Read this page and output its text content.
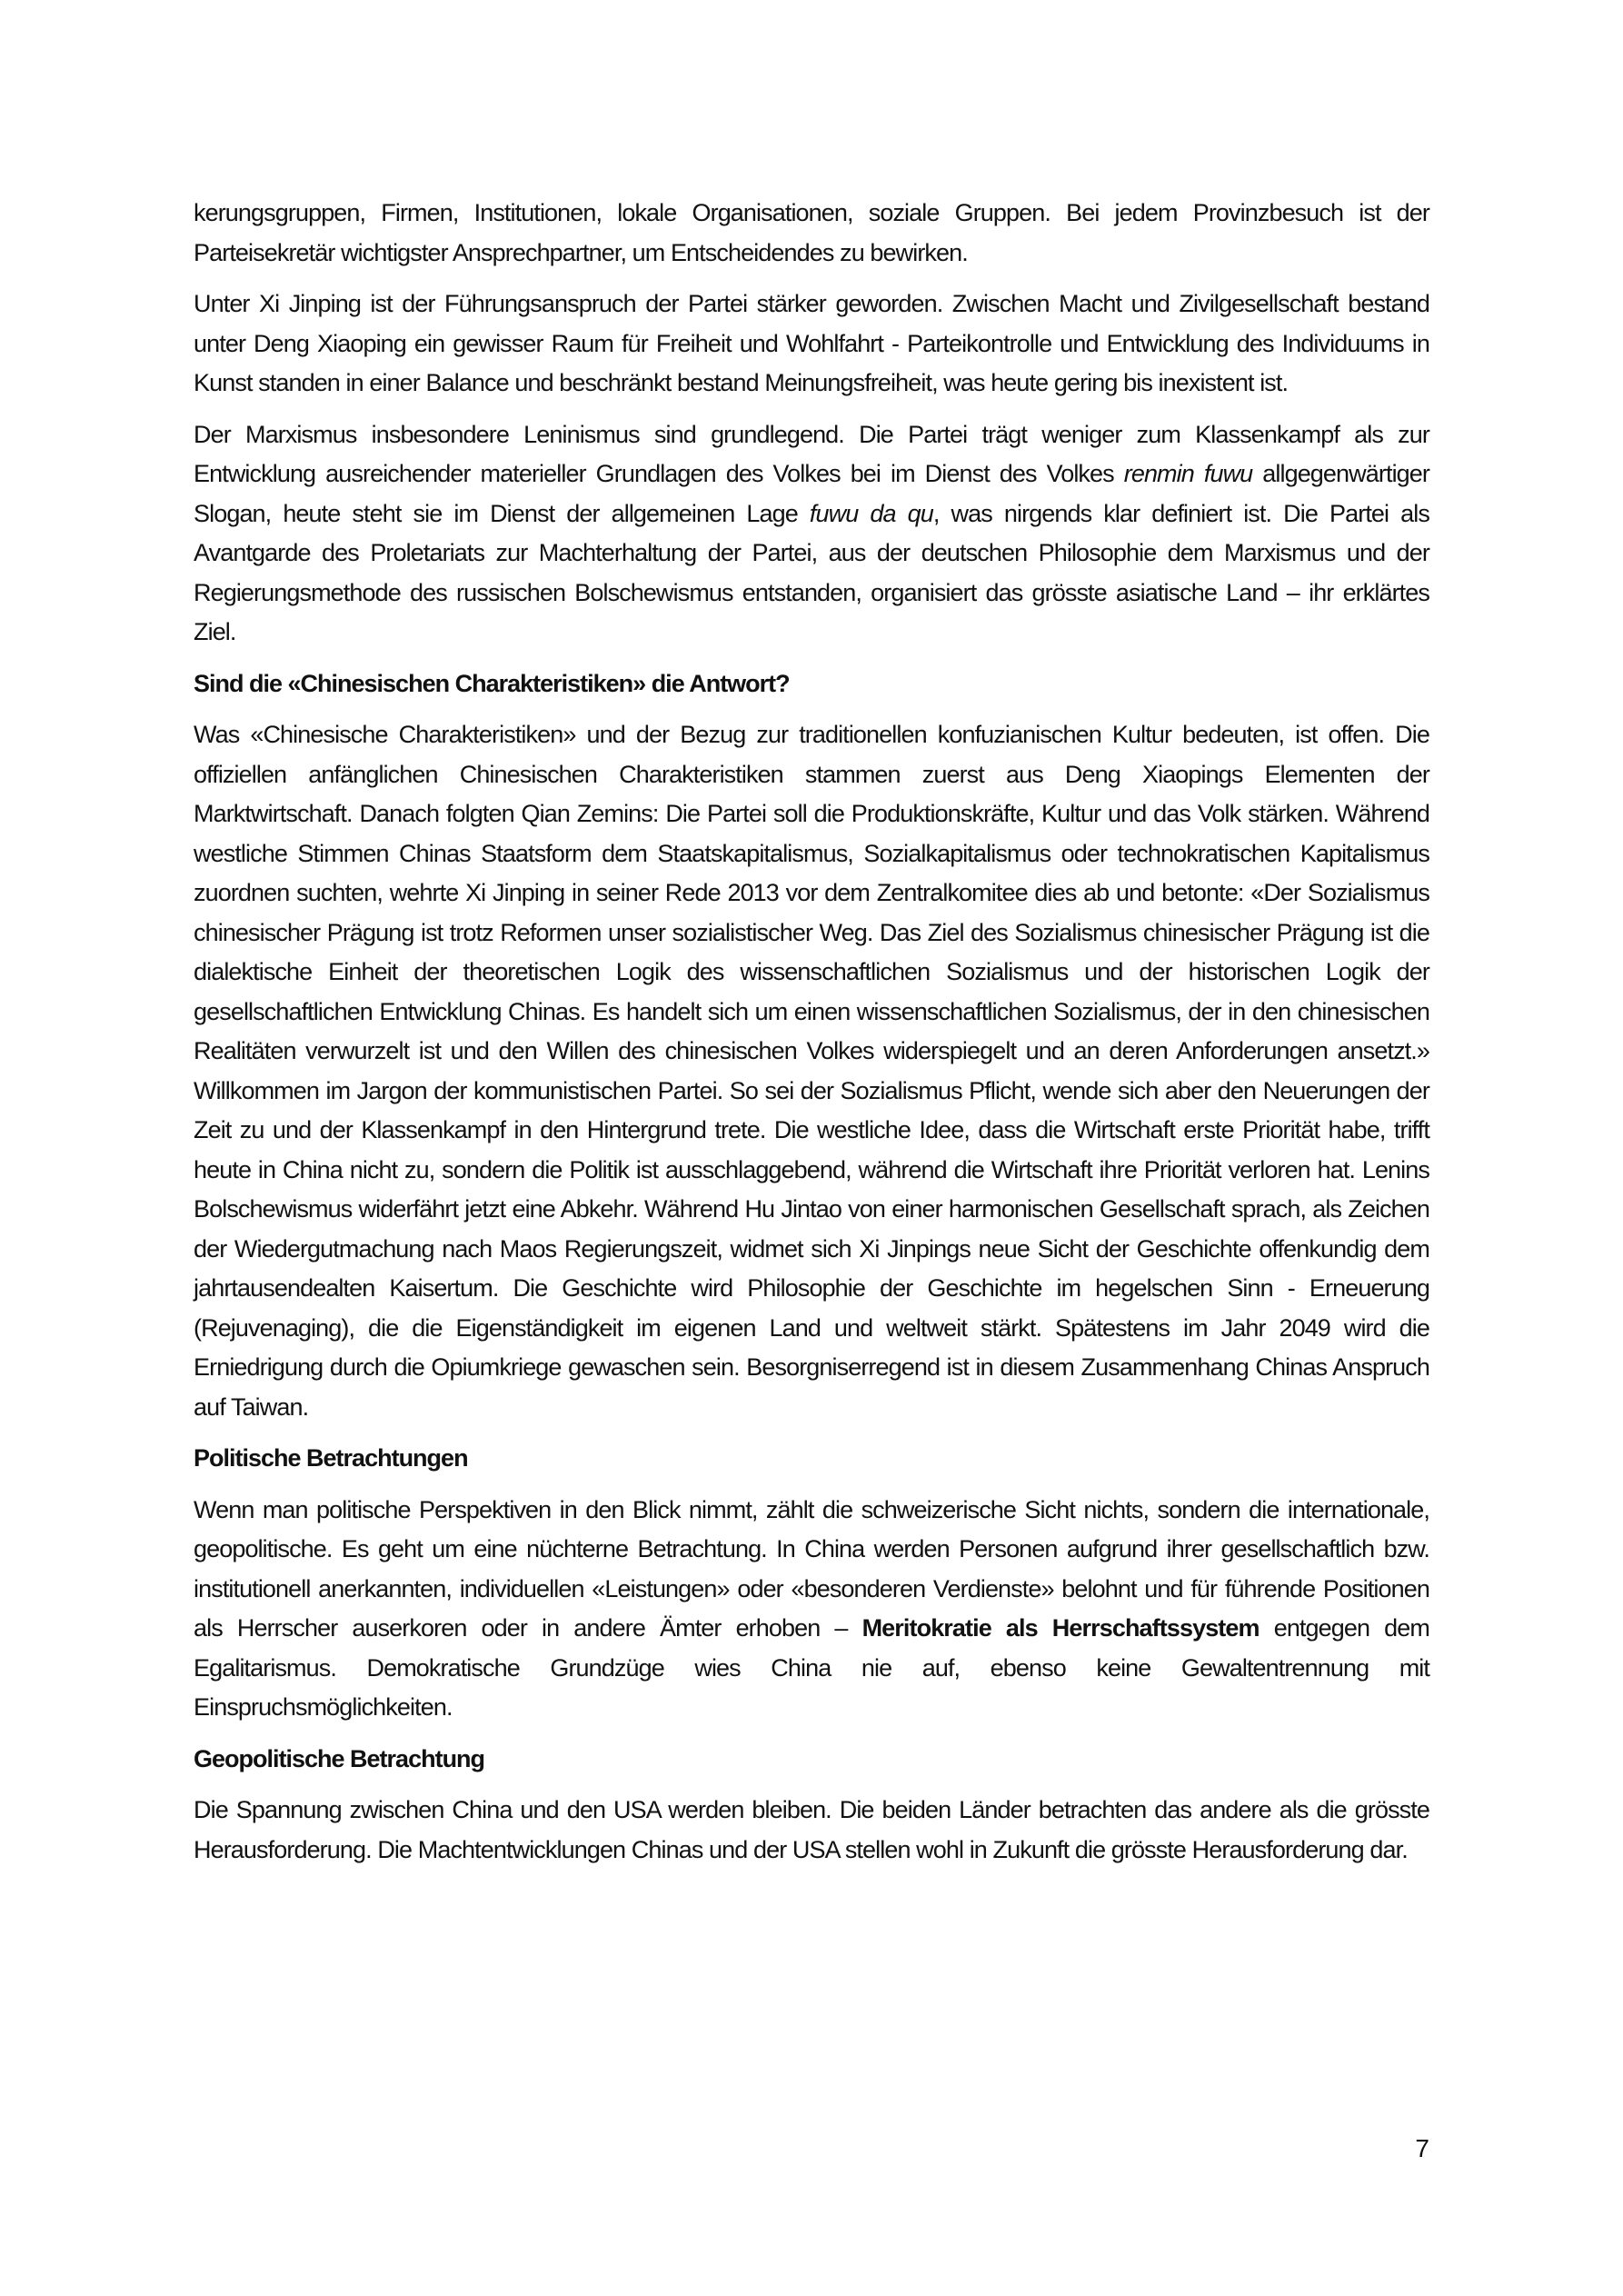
kerungsgruppen, Firmen, Institutionen, lokale Organisationen, soziale Gruppen. Bei jedem Provinzbesuch ist der Parteisekretär wichtigster Ansprechpartner, um Entscheidendes zu bewirken.

Unter Xi Jinping ist der Führungsanspruch der Partei stärker geworden. Zwischen Macht und Zivilgesellschaft bestand unter Deng Xiaoping ein gewisser Raum für Freiheit und Wohlfahrt - Parteikontrolle und Entwicklung des Individuums in Kunst standen in einer Balance und beschränkt bestand Meinungsfreiheit, was heute gering bis inexistent ist.

Der Marxismus insbesondere Leninismus sind grundlegend. Die Partei trägt weniger zum Klassenkampf als zur Entwicklung ausreichender materieller Grundlagen des Volkes bei im Dienst des Volkes renmin fuwu allgegenwärtiger Slogan, heute steht sie im Dienst der allgemeinen Lage fuwu da qu, was nirgends klar definiert ist. Die Partei als Avantgarde des Proletariats zur Machterhaltung der Partei, aus der deutschen Philosophie dem Marxismus und der Regierungsmethode des russischen Bolschewismus entstanden, organisiert das grösste asiatische Land – ihr erklärtes Ziel.

Sind die «Chinesischen Charakteristiken» die Antwort?

Was «Chinesische Charakteristiken» und der Bezug zur traditionellen konfuzianischen Kultur bedeuten, ist offen. Die offiziellen anfänglichen Chinesischen Charakteristiken stammen zuerst aus Deng Xiaopings Elementen der Marktwirtschaft. Danach folgten Qian Zemins: Die Partei soll die Produktionskräfte, Kultur und das Volk stärken. Während westliche Stimmen Chinas Staatsform dem Staatskapitalismus, Sozialkapitalismus oder technokratischen Kapitalismus zuordnen suchten, wehrte Xi Jinping in seiner Rede 2013 vor dem Zentralkomitee dies ab und betonte: «Der Sozialismus chinesischer Prägung ist trotz Reformen unser sozialistischer Weg. Das Ziel des Sozialismus chinesischer Prägung ist die dialektische Einheit der theoretischen Logik des wissenschaftlichen Sozialismus und der historischen Logik der gesellschaftlichen Entwicklung Chinas. Es handelt sich um einen wissenschaftlichen Sozialismus, der in den chinesischen Realitäten verwurzelt ist und den Willen des chinesischen Volkes widerspiegelt und an deren Anforderungen ansetzt.» Willkommen im Jargon der kommunistischen Partei. So sei der Sozialismus Pflicht, wende sich aber den Neuerungen der Zeit zu und der Klassenkampf in den Hintergrund trete. Die westliche Idee, dass die Wirtschaft erste Priorität habe, trifft heute in China nicht zu, sondern die Politik ist ausschlaggebend, während die Wirtschaft ihre Priorität verloren hat. Lenins Bolschewismus widerfährt jetzt eine Abkehr. Während Hu Jintao von einer harmonischen Gesellschaft sprach, als Zeichen der Wiedergutmachung nach Maos Regierungszeit, widmet sich Xi Jinpings neue Sicht der Geschichte offenkundig dem jahrtausendealten Kaisertum. Die Geschichte wird Philosophie der Geschichte im hegelschen Sinn - Erneuerung (Rejuvenaging), die die Eigenständigkeit im eigenen Land und weltweit stärkt. Spätestens im Jahr 2049 wird die Erniedrigung durch die Opiumkriege gewaschen sein. Besorgniserregend ist in diesem Zusammenhang Chinas Anspruch auf Taiwan.

Politische Betrachtungen

Wenn man politische Perspektiven in den Blick nimmt, zählt die schweizerische Sicht nichts, sondern die internationale, geopolitische. Es geht um eine nüchterne Betrachtung. In China werden Personen aufgrund ihrer gesellschaftlich bzw. institutionell anerkannten, individuellen «Leistungen» oder «besonderen Verdienste» belohnt und für führende Positionen als Herrscher auserkoren oder in andere Ämter erhoben – Meritokratie als Herrschaftssystem entgegen dem Egalitarismus. Demokratische Grundzüge wies China nie auf, ebenso keine Gewaltentrennung mit Einspruchsmöglichkeiten.

Geopolitische Betrachtung

Die Spannung zwischen China und den USA werden bleiben. Die beiden Länder betrachten das andere als die grösste Herausforderung. Die Machtentwicklungen Chinas und der USA stellen wohl in Zukunft die grösste Herausforderung dar.

7
